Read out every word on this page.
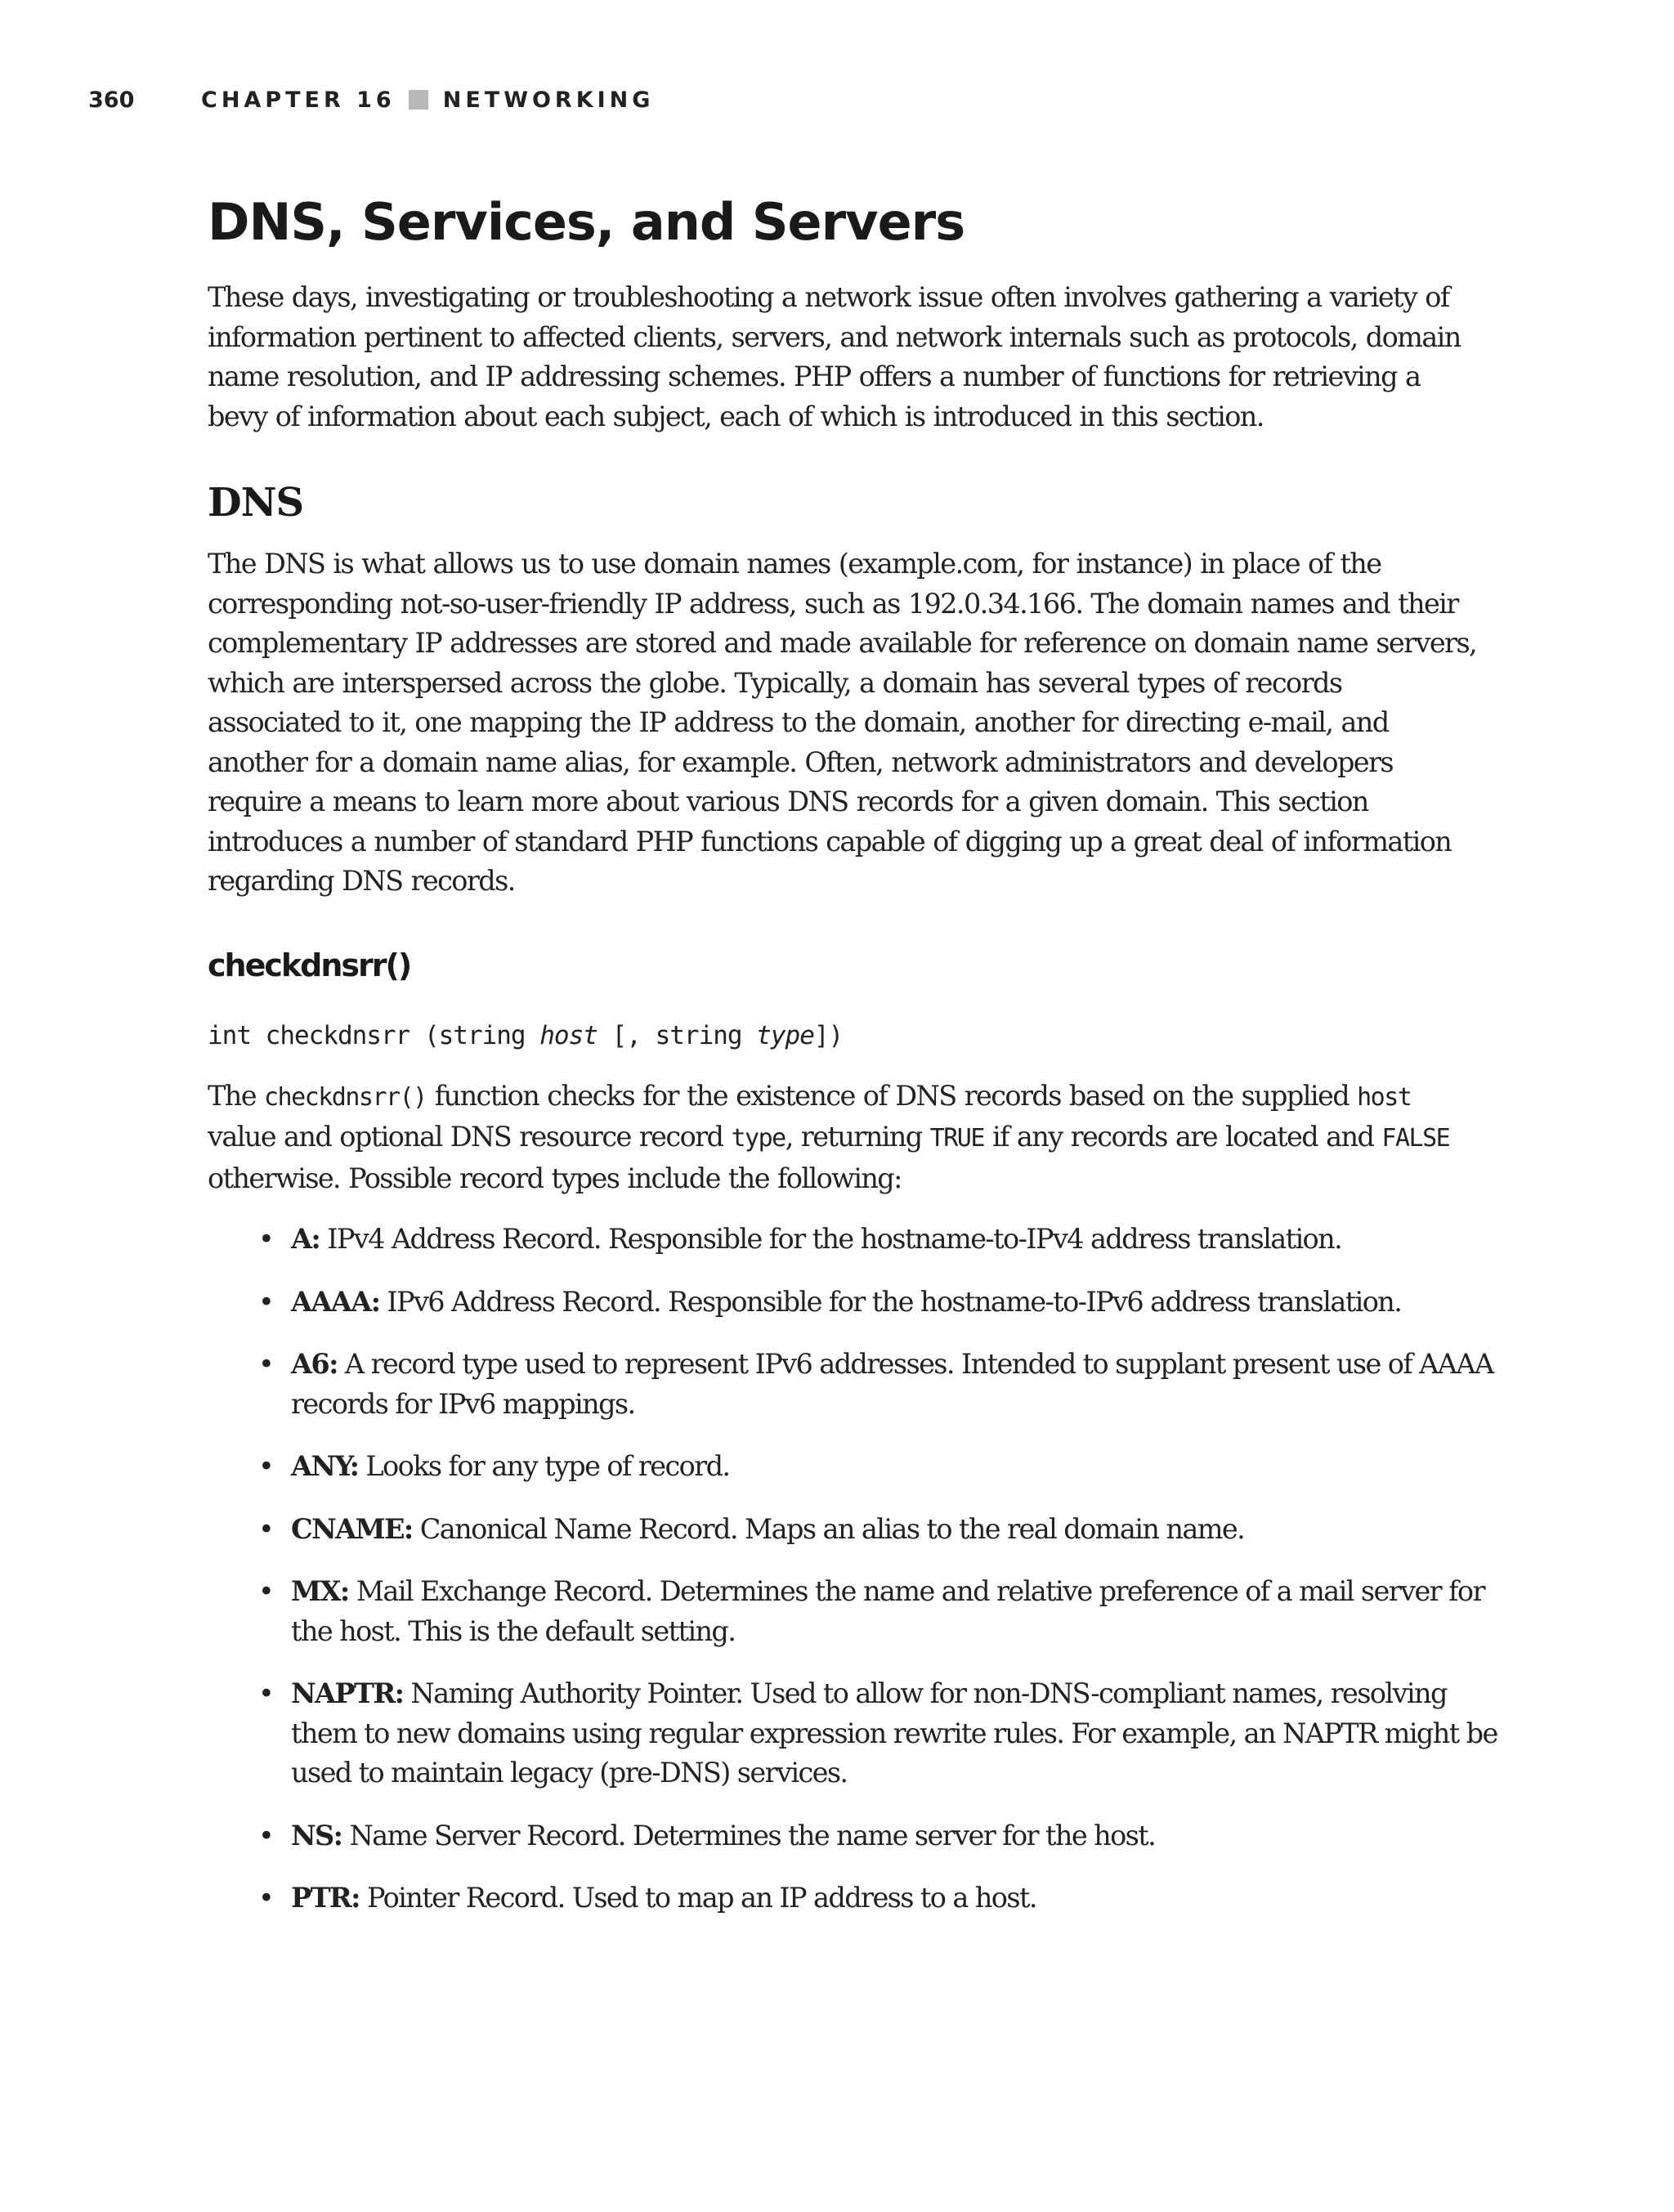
360	CHAPTER 16 NETWORKING
DNS, Services, and Servers

These days, investigating or troubleshooting a network issue often involves gathering a variety of information pertinent to affected clients, servers, and network internals such as protocols, domain name resolution, and IP addressing schemes. PHP offers a number of functions for retrieving a bevy of information about each subject, each of which is introduced in this section.

DNS

The DNS is what allows us to use domain names (example.com, for instance) in place of the corresponding not-so-user-friendly IP address, such as 192.0.34.166. The domain names and their complementary IP addresses are stored and made available for reference on domain name servers, which are interspersed across the globe. Typically, a domain has several types of records associated to it, one mapping the IP address to the domain, another for directing e-mail, and another for a domain name alias, for example. Often, network administrators and developers require a means to learn more about various DNS records for a given domain. This section introduces a number of standard PHP functions capable of digging up a great deal of information regarding DNS records.

checkdnsrr()
int checkdnsrr (string host [, string type])

The checkdnsrr() function checks for the existence of DNS records based on the supplied host value and optional DNS resource record type, returning TRUE if any records are located and FALSE otherwise. Possible record types include the following:

• A: IPv4 Address Record. Responsible for the hostname-to-IPv4 address translation.
• AAAA: IPv6 Address Record. Responsible for the hostname-to-IPv6 address translation.
• A6: A record type used to represent IPv6 addresses. Intended to supplant present use of AAAA records for IPv6 mappings.
• ANY: Looks for any type of record.
• CNAME: Canonical Name Record. Maps an alias to the real domain name.
• MX: Mail Exchange Record. Determines the name and relative preference of a mail server for the host. This is the default setting.
• NAPTR: Naming Authority Pointer. Used to allow for non-DNS-compliant names, resolving them to new domains using regular expression rewrite rules. For example, an NAPTR might be used to maintain legacy (pre-DNS) services.
• NS: Name Server Record. Determines the name server for the host.
• PTR: Pointer Record. Used to map an IP address to a host.
